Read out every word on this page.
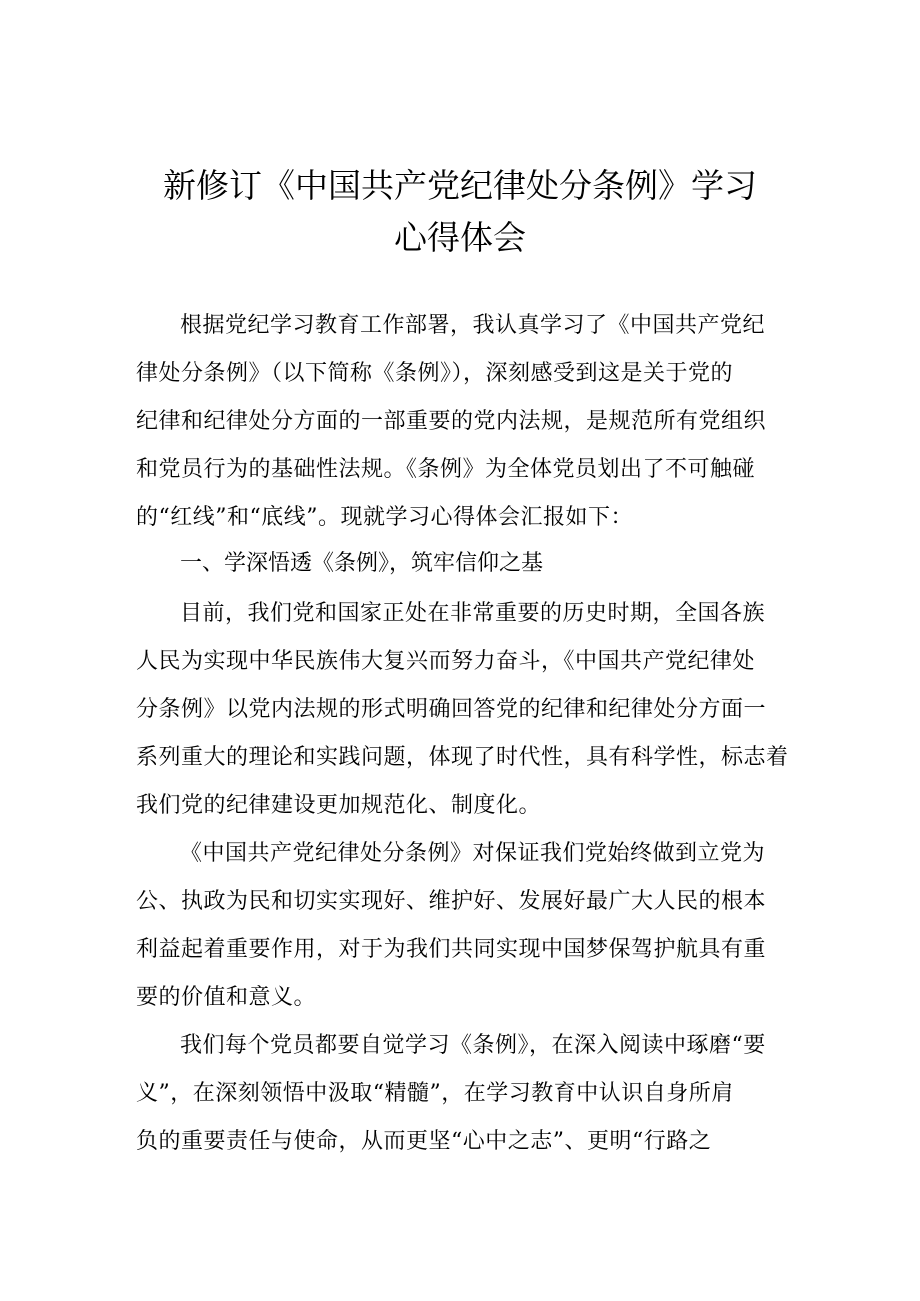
新修订《中国共产党纪律处分条例》学习
心得体会
根据党纪学习教育工作部署，我认真学习了《中国共产党纪
律处分条例》（以下简称《条例》），深刻感受到这是关于党的
纪律和纪律处分方面的一部重要的党内法规，是规范所有党组织
和党员行为的基础性法规。《条例》为全体党员划出了不可触碰
的“红线”和“底线”。现就学习心得体会汇报如下：
一、学深悟透《条例》，筑牢信仰之基
目前，我们党和国家正处在非常重要的历史时期，全国各族
人民为实现中华民族伟大复兴而努力奋斗，《中国共产党纪律处
分条例》以党内法规的形式明确回答党的纪律和纪律处分方面一
系列重大的理论和实践问题，体现了时代性，具有科学性，标志着
我们党的纪律建设更加规范化、制度化。
《中国共产党纪律处分条例》对保证我们党始终做到立党为
公、执政为民和切实实现好、维护好、发展好最广大人民的根本
利益起着重要作用，对于为我们共同实现中国梦保驾护航具有重
要的价值和意义。
我们每个党员都要自觉学习《条例》，在深入阅读中琢磨“要
义”，在深刻领悟中汲取“精髓”，在学习教育中认识自身所肩
负的重要责任与使命，从而更坚“心中之志”、更明“行路之
